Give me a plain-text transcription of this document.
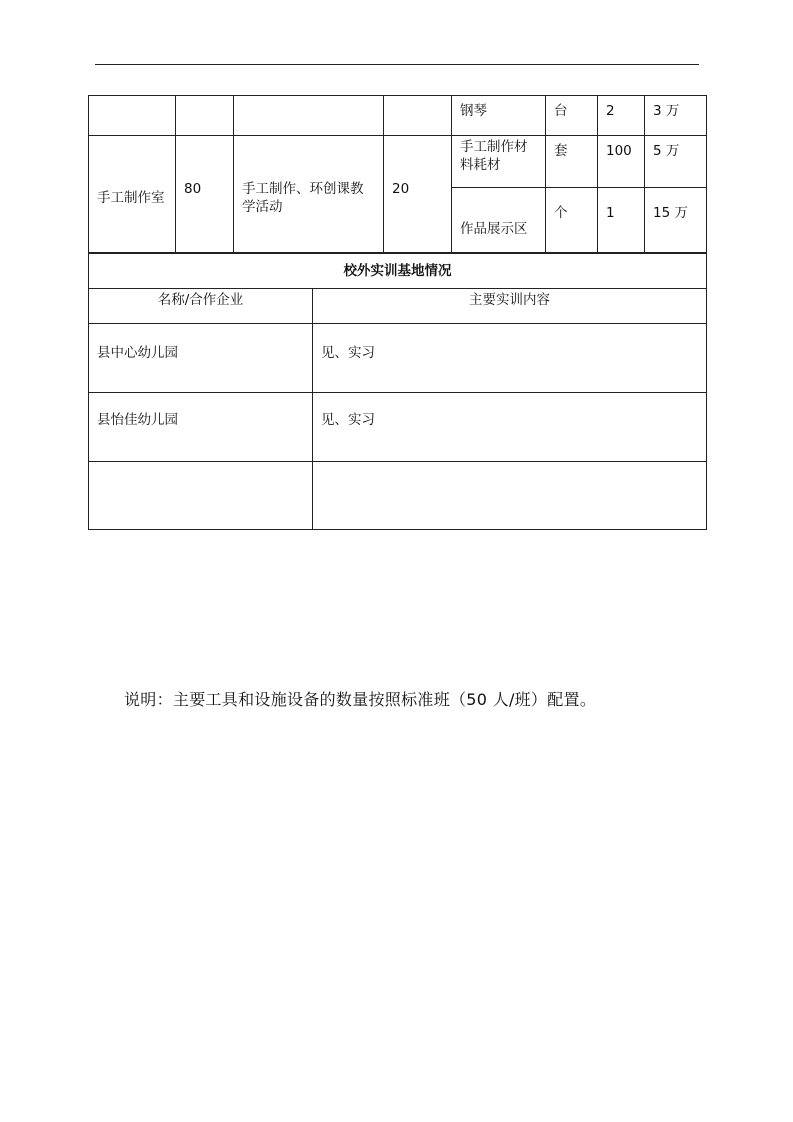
				钢琴	台	2	3 万
手工制作室	80	手工制作、环创课教学活动	20	手工制作材料耗材	套	100	5 万
				作品展示区	个	1	15 万
校外实训基地情况	
名称/合作企业	主要实训内容
县中心幼儿园	见、实习
县怡佳幼儿园	见、实习

说明：主要工具和设施设备的数量按照标准班（50 人/班）配置。
